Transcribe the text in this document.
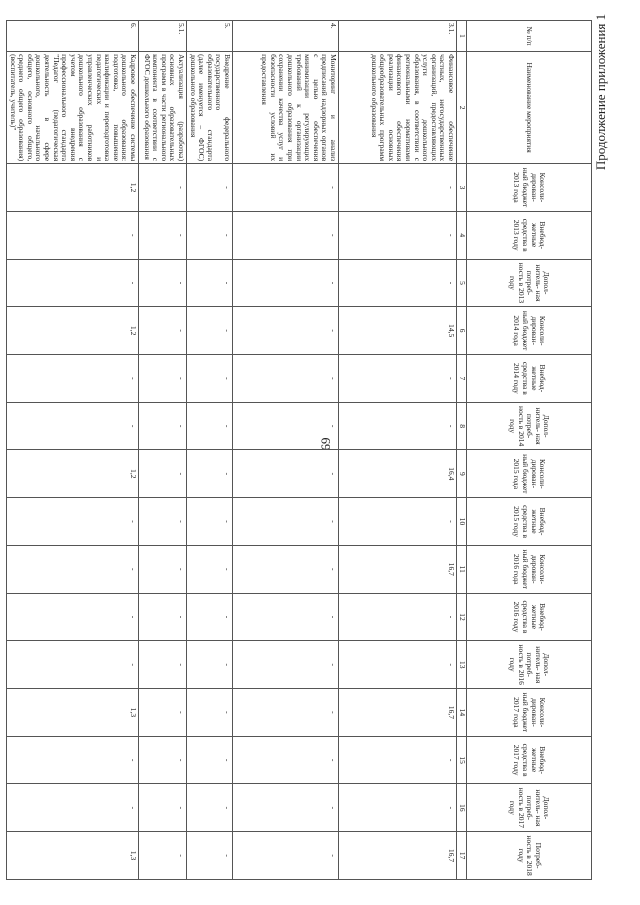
69
Продолжение приложения 1
№ п/п	Наименование мероприятия	Консоли- дирован- ный бюджет 2013 года	Внебюд- жетные средства в 2013 году	Допол- нитель- ная потреб- ность в 2013 году	Консоли- дирован- ный бюджет 2014 года	Внебюд- жетные средства в 2014 году	Допол- нитель- ная потреб- ность в 2014 году	Консоли- дирован- ный бюджет 2015 года	Внебюд- жетные средства в 2015 году	Консоли- дирован- ный бюджет 2016 года	Внебюд- жетные средства в 2016 году	Допол- нитель- ная потреб- ность в 2016 году	Консоли- дирован- ный бюджет 2017 года	Внебюд- жетные средства в 2017 году	Допол- нитель- ная потреб- ность в 2017 году	Потреб- ность в 2018 году
1	2	3	4	5	6	7	8	9	10	11	12	13	14	15	16	17
3.1.	Финансовое обеспечение частных, негосударственных организаций, предоставляющих услуги дошкольного образования, в соответствии с региональными нормативами финансового обеспечения реализации основных общеобразовательных программ дошкольного образования	-	-	-	14,5	-	-	16,4	-	16,7	-	-	16,7	-	-	16,7
4.	Мониторинг и анализ предписаний надзорных органов с целью обеспечения минимизации регулирующих требований к организации дошкольного образования при сохранении качества услуг и безопасности условий их предоставления	-	-	-	-	-	-	-	-	-	-	-	-	-	-	-
5.	Внедрение федерального государственного образовательного стандарта (далее именуется – ФГОС) дошкольного образования	-	-	-	-	-	-	-	-	-	-	-	-	-	-	-
5.1.	Актуализация (разработка) основных образовательных программ в части регионального компонента в соответствии с ФГОС дошкольного образования	-	-	-	-	-	-	-	-	-	-	-	-	-	-	-
6.	Кадровое обеспечение системы дошкольного образования: подготовка, повышение квалификации и переподготовка педагогических и управленческих работников дошкольного образования с учетом внедрения профессионального стандарта "Педагог (педагогическая деятельность в сфере дошкольного, начального общего, основного общего, среднего общего образования) (воспитатель, учитель)"	1,2	-	-	1,2	-	-	1,2	-	-	-	-	1,3	-	-	1,3
